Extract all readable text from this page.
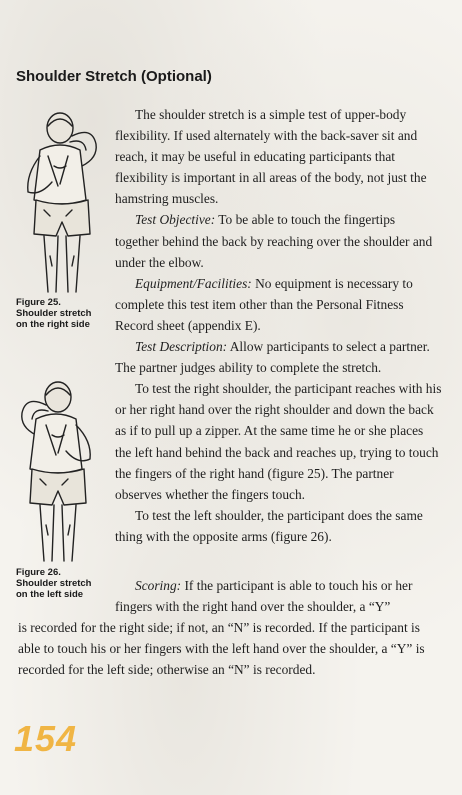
Shoulder Stretch (Optional)
Figure 25.
Shoulder stretch
on the right side
Figure 26.
Shoulder stretch
on the left side

The shoulder stretch is a simple test of upper-body flexibility. If used alternately with the back-saver sit and reach, it may be useful in educating participants that flexibility is important in all areas of the body, not just the hamstring muscles.

Test Objective: To be able to touch the fingertips together behind the back by reaching over the shoulder and under the elbow.

Equipment/Facilities: No equipment is necessary to complete this test item other than the Personal Fitness Record sheet (appendix E).

Test Description: Allow participants to select a partner. The partner judges ability to complete the stretch.

To test the right shoulder, the participant reaches with his or her right hand over the right shoulder and down the back as if to pull up a zipper. At the same time he or she places the left hand behind the back and reaches up, trying to touch the fingers of the right hand (figure 25). The partner observes whether the fingers touch.

To test the left shoulder, the participant does the same thing with the opposite arms (figure 26).

Scoring: If the participant is able to touch his or her fingers with the right hand over the shoulder, a “Y”

is recorded for the right side; if not, an “N” is recorded. If the participant is able to touch his or her fingers with the left hand over the shoulder, a “Y” is recorded for the left side; otherwise an “N” is recorded.

154
